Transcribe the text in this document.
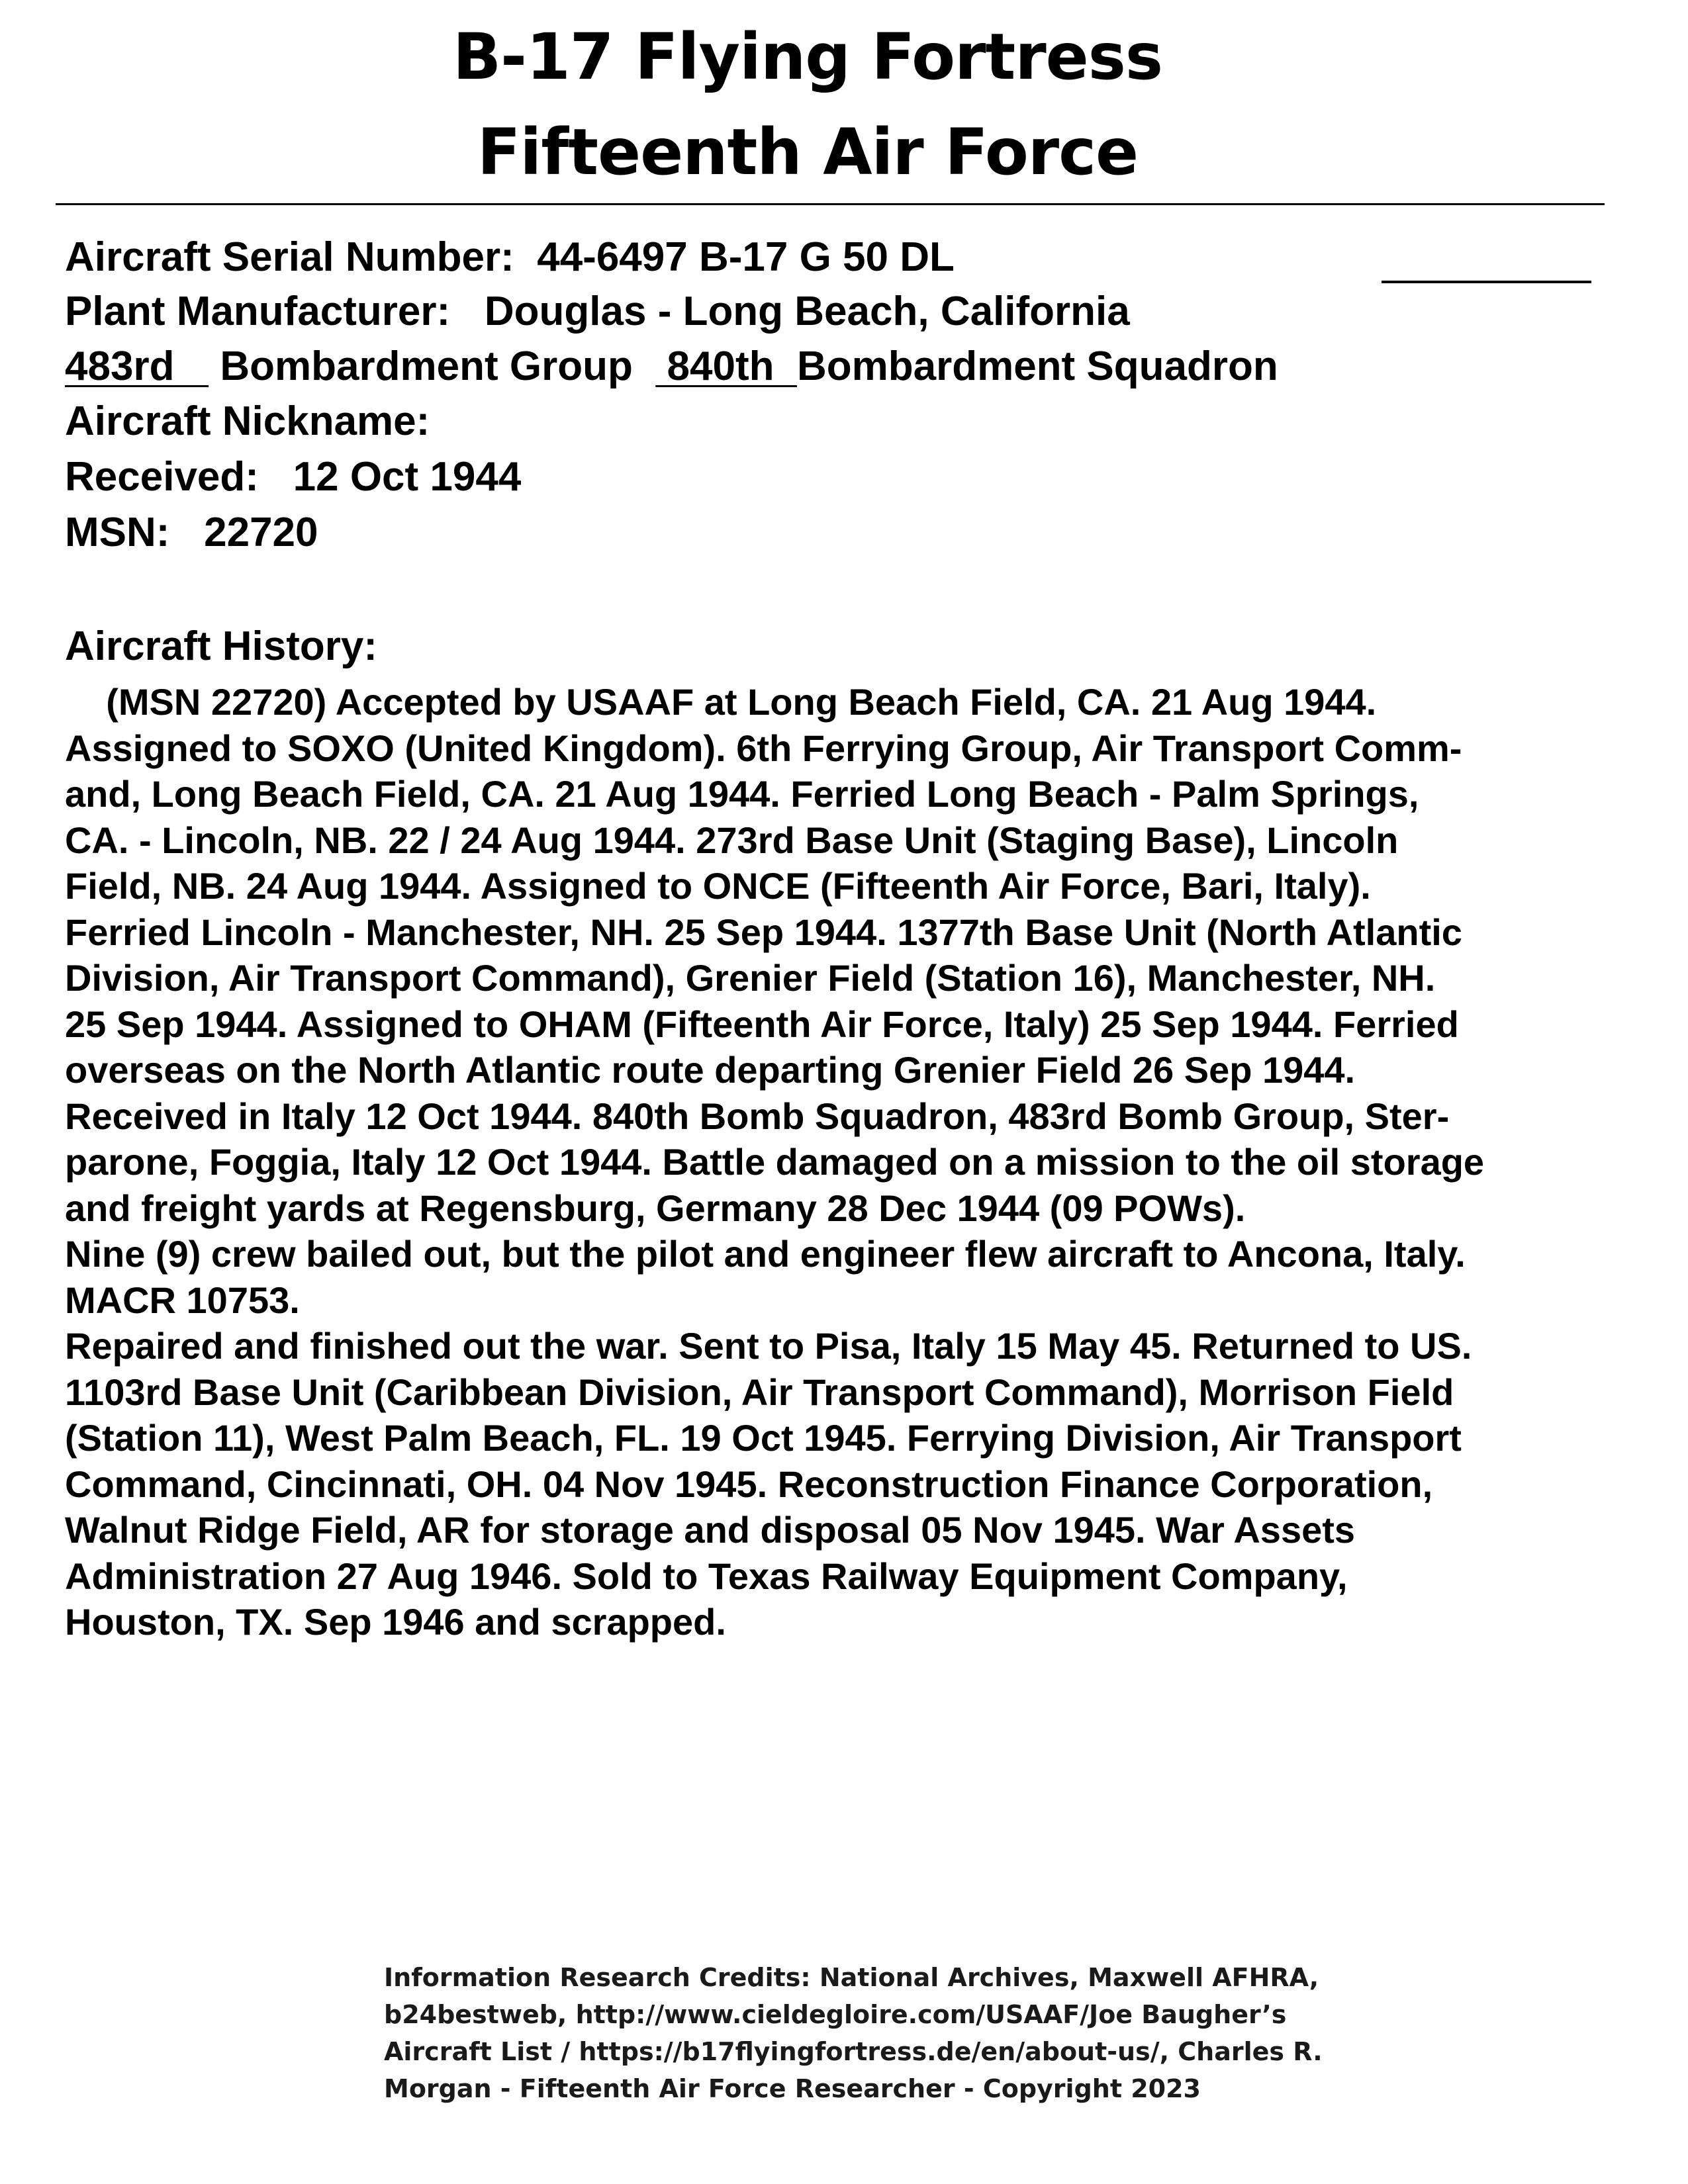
B-17 Flying Fortress
Fifteenth Air Force
Aircraft Serial Number: 44-6497 B-17 G 50 DL
Plant Manufacturer: Douglas - Long Beach, California
483rd Bombardment Group 840th Bombardment Squadron
Aircraft Nickname:
Received: 12 Oct 1944
MSN: 22720
Aircraft History:
(MSN 22720) Accepted by USAAF at Long Beach Field, CA. 21 Aug 1944.
Assigned to SOXO (United Kingdom). 6th Ferrying Group, Air Transport Comm-
and, Long Beach Field, CA. 21 Aug 1944. Ferried Long Beach - Palm Springs,
CA. - Lincoln, NB. 22 / 24 Aug 1944. 273rd Base Unit (Staging Base), Lincoln
Field, NB. 24 Aug 1944. Assigned to ONCE (Fifteenth Air Force, Bari, Italy).
Ferried Lincoln - Manchester, NH. 25 Sep 1944. 1377th Base Unit (North Atlantic
Division, Air Transport Command), Grenier Field (Station 16), Manchester, NH.
25 Sep 1944. Assigned to OHAM (Fifteenth Air Force, Italy) 25 Sep 1944. Ferried
overseas on the North Atlantic route departing Grenier Field 26 Sep 1944.
Received in Italy 12 Oct 1944. 840th Bomb Squadron, 483rd Bomb Group, Ster-
parone, Foggia, Italy 12 Oct 1944. Battle damaged on a mission to the oil storage
and freight yards at Regensburg, Germany 28 Dec 1944 (09 POWs).
Nine (9) crew bailed out, but the pilot and engineer flew aircraft to Ancona, Italy.
MACR 10753.
Repaired and finished out the war. Sent to Pisa, Italy 15 May 45. Returned to US.
1103rd Base Unit (Caribbean Division, Air Transport Command), Morrison Field
(Station 11), West Palm Beach, FL. 19 Oct 1945. Ferrying Division, Air Transport
Command, Cincinnati, OH. 04 Nov 1945. Reconstruction Finance Corporation,
Walnut Ridge Field, AR for storage and disposal 05 Nov 1945. War Assets
Administration 27 Aug 1946. Sold to Texas Railway Equipment Company,
Houston, TX. Sep 1946 and scrapped.
Information Research Credits: National Archives, Maxwell AFHRA,
b24bestweb, http://www.cieldegloire.com/USAAF/Joe Baugher’s
Aircraft List / https://b17flyingfortress.de/en/about-us/, Charles R.
Morgan - Fifteenth Air Force Researcher - Copyright 2023
